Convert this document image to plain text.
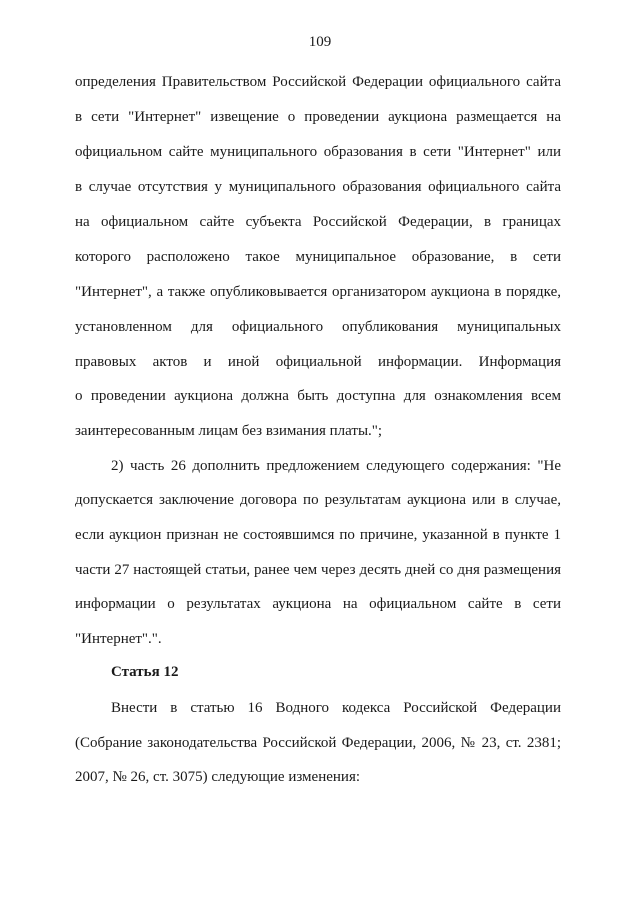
109
определения Правительством Российской Федерации официального сайта
в сети "Интернет" извещение о проведении аукциона размещается на
официальном сайте муниципального образования в сети "Интернет" или
в случае отсутствия у муниципального образования официального сайта
на официальном сайте субъекта Российской Федерации, в границах
которого расположено такое муниципальное образование, в сети
"Интернет", а также опубликовывается организатором аукциона в порядке,
установленном для официального опубликования муниципальных
правовых актов и иной официальной информации. Информация
о проведении аукциона должна быть доступна для ознакомления всем
заинтересованным лицам без взимания платы.";
2) часть 26 дополнить предложением следующего содержания: "Не
допускается заключение договора по результатам аукциона или в случае,
если аукцион признан не состоявшимся по причине, указанной в пункте 1
части 27 настоящей статьи, ранее чем через десять дней со дня размещения
информации о результатах аукциона на официальном сайте в сети
"Интернет".".
Статья 12
Внести в статью 16 Водного кодекса Российской Федерации
(Собрание законодательства Российской Федерации, 2006, № 23, ст. 2381;
2007, № 26, ст. 3075) следующие изменения:
